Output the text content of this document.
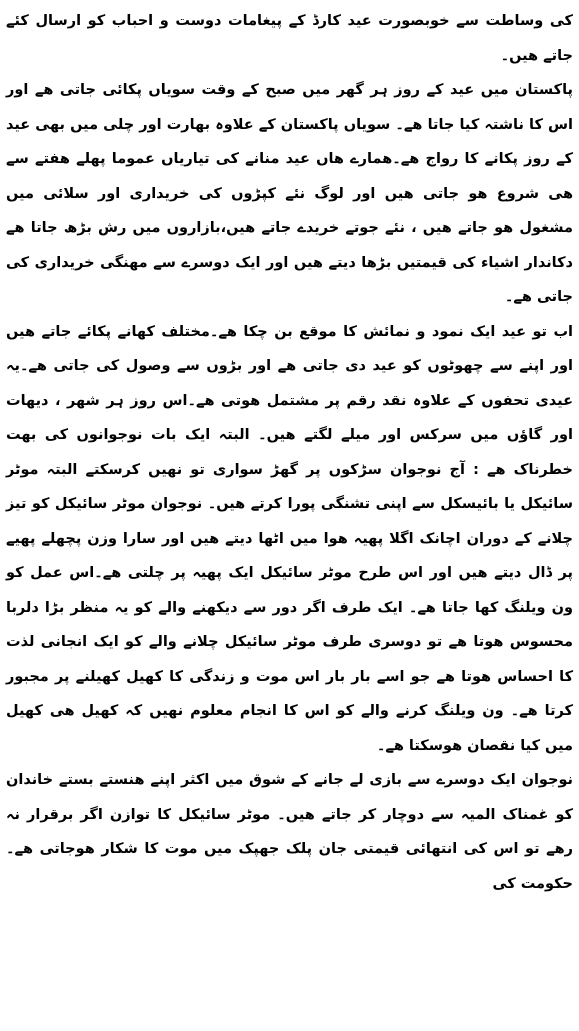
کی وساطت سے خوبصورت عید کارڈ کے پیغامات دوست و احباب کو ارسال کئے جاتے ھیں۔

پاکستان میں عید کے روز ہر گھر میں صبح کے وقت سویاں پکائی جاتی ھے اور اس کا ناشتہ کیا جاتا ھے۔ سویاں پاکستان کے علاوہ بھارت اور چلی میں بھی عید کے روز پکانے کا رواج ھے۔ھمارے ھاں عید منانے کی تیاریاں عموما پھلے ھفتے سے ھی شروع ھو جاتی ھیں اور لوگ نئے کپڑوں کی خریداری اور سلائی میں مشغول ھو جاتے ھیں ، نئے جوتے خریدے جاتے ھیں،بازاروں میں رش بڑھ جاتا ھے دکاندار اشیاء کی قیمتیں بڑھا دیتے ھیں اور ایک دوسرے سے مھنگی خریداری کی جاتی ھے۔

اب تو عید ایک نمود و نمائش کا موقع بن چکا ھے۔مختلف کھانے پکائے جاتے ھیں اور اپنے سے چھوٹوں کو عید دی جاتی ھے اور بڑوں سے وصول کی جاتی ھے۔یہ عیدی تحفوں کے علاوہ نقد رقم پر مشتمل ھوتی ھے۔اس روز ہر شھر ، دیھات اور گاؤں میں سرکس اور میلے لگتے ھیں۔ البتہ ایک بات نوجوانوں کی بھت خطرناک ھے : آج نوجوان سڑکوں پر گھڑ سواری تو نھیں کرسکتے البتہ موٹر سائیکل یا بائیسکل سے اپنی تشنگی پورا کرتے ھیں۔ نوجوان موٹر سائیکل کو تیز چلانے کے دوران اچانک اگلا پھیہ ھوا میں اٹھا دیتے ھیں اور سارا وزن پچھلے پھیے پر ڈال دیتے ھیں اور اس طرح موٹر سائیکل ایک پھیہ پر چلتی ھے۔اس عمل کو ون ویلنگ کھا جاتا ھے۔ ایک طرف اگر دور سے دیکھنے والے کو یہ منظر بڑا دلربا محسوس ھوتا ھے تو دوسری طرف موٹر سائیکل چلانے والے کو ایک انجانی لذت کا احساس ھوتا ھے جو اسے بار بار اس موت و زندگی کا کھیل کھیلنے پر مجبور کرتا ھے۔ ون ویلنگ کرنے والے کو اس کا انجام معلوم نھیں کہ کھیل ھی کھیل میں کیا نقصان ھوسکتا ھے۔

نوجوان ایک دوسرے سے بازی لے جانے کے شوق میں اکثر اپنے ھنستے بستے خاندان کو غمناک المیہ سے دوچار کر جاتے ھیں۔ موٹر سائیکل کا توازن اگر برقرار نہ رھے تو اس کی انتھائی قیمتی جان پلک جھپک میں موت کا شکار ھوجاتی ھے۔حکومت کی
